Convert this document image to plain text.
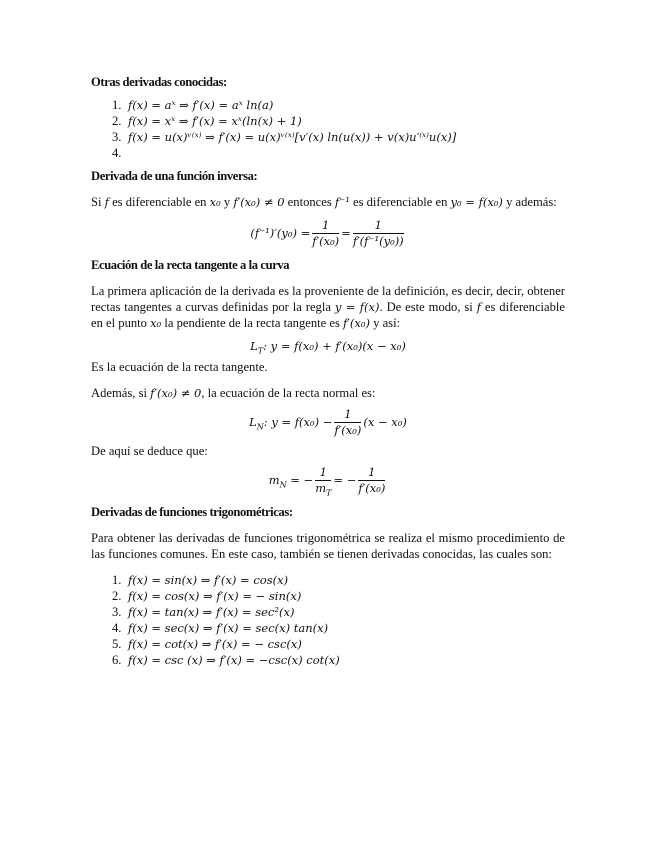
Otras derivadas conocidas:
1. f(x) = aˣ ⇒ f′(x) = aˣ ln(a)
2. f(x) = xˣ ⇒ f′(x) = xˣ(ln(x) + 1)
3. f(x) = u(x)ᵛ⁽ˣ⁾ ⇒ f′(x) = u(x)ᵛ⁽ˣ⁾[v′(x) ln(u(x)) + v(x)u′⁽ˣ⁾u(x)]
4.
Derivada de una función inversa:

Si f es diferenciable en x₀ y f′(x₀) ≠ 0 entonces f⁻¹ es diferenciable en y₀ = f(x₀) y además:

$(f^{-1})'(y_0) = \frac{1}{\text{f′(x₀)}} = \frac{1}{\text{f′(f⁻¹(y₀))}}$
Ecuación de la recta tangente a la curva

La primera aplicación de la derivada es la proveniente de la definición, es decir, decir, obtener rectas tangentes a curvas definidas por la regla y = f(x). De este modo, si f es diferenciable en el punto x₀ la pendiente de la recta tangente es f′(x₀) y así:

$L_T$: y = f(x₀) + f′(x₀)(x − x₀)

Es la ecuación de la recta tangente.

Además, si f′(x₀) ≠ 0, la ecuación de la recta normal es:

$L_N$: $y = f(x_0) - \frac{1}{\text{f′(x₀)}} (x - x_0)$

De aquí se deduce que:

$m_N$ = − $\frac{1}{m_T}$ = − $\frac{1}{\text{f′(x₀)}}$
Derivadas de funciones trigonométricas:

Para obtener las derivadas de funciones trigonométrica se realiza el mismo procedimiento de las funciones comunes. En este caso, también se tienen derivadas conocidas, las cuales son:

1. f(x) = sin(x) ⇒ f′(x) = cos(x)
2. f(x) = cos(x) ⇒ f′(x) = − sin(x)
3. f(x) = tan(x) ⇒ f′(x) = sec²(x)
4. f(x) = sec(x) ⇒ f′(x) = sec(x) tan(x)
5. f(x) = cot(x) ⇒ f′(x) = − csc(x)
6. f(x) = csc (x) ⇒ f′(x) = −csc(x) cot(x)
